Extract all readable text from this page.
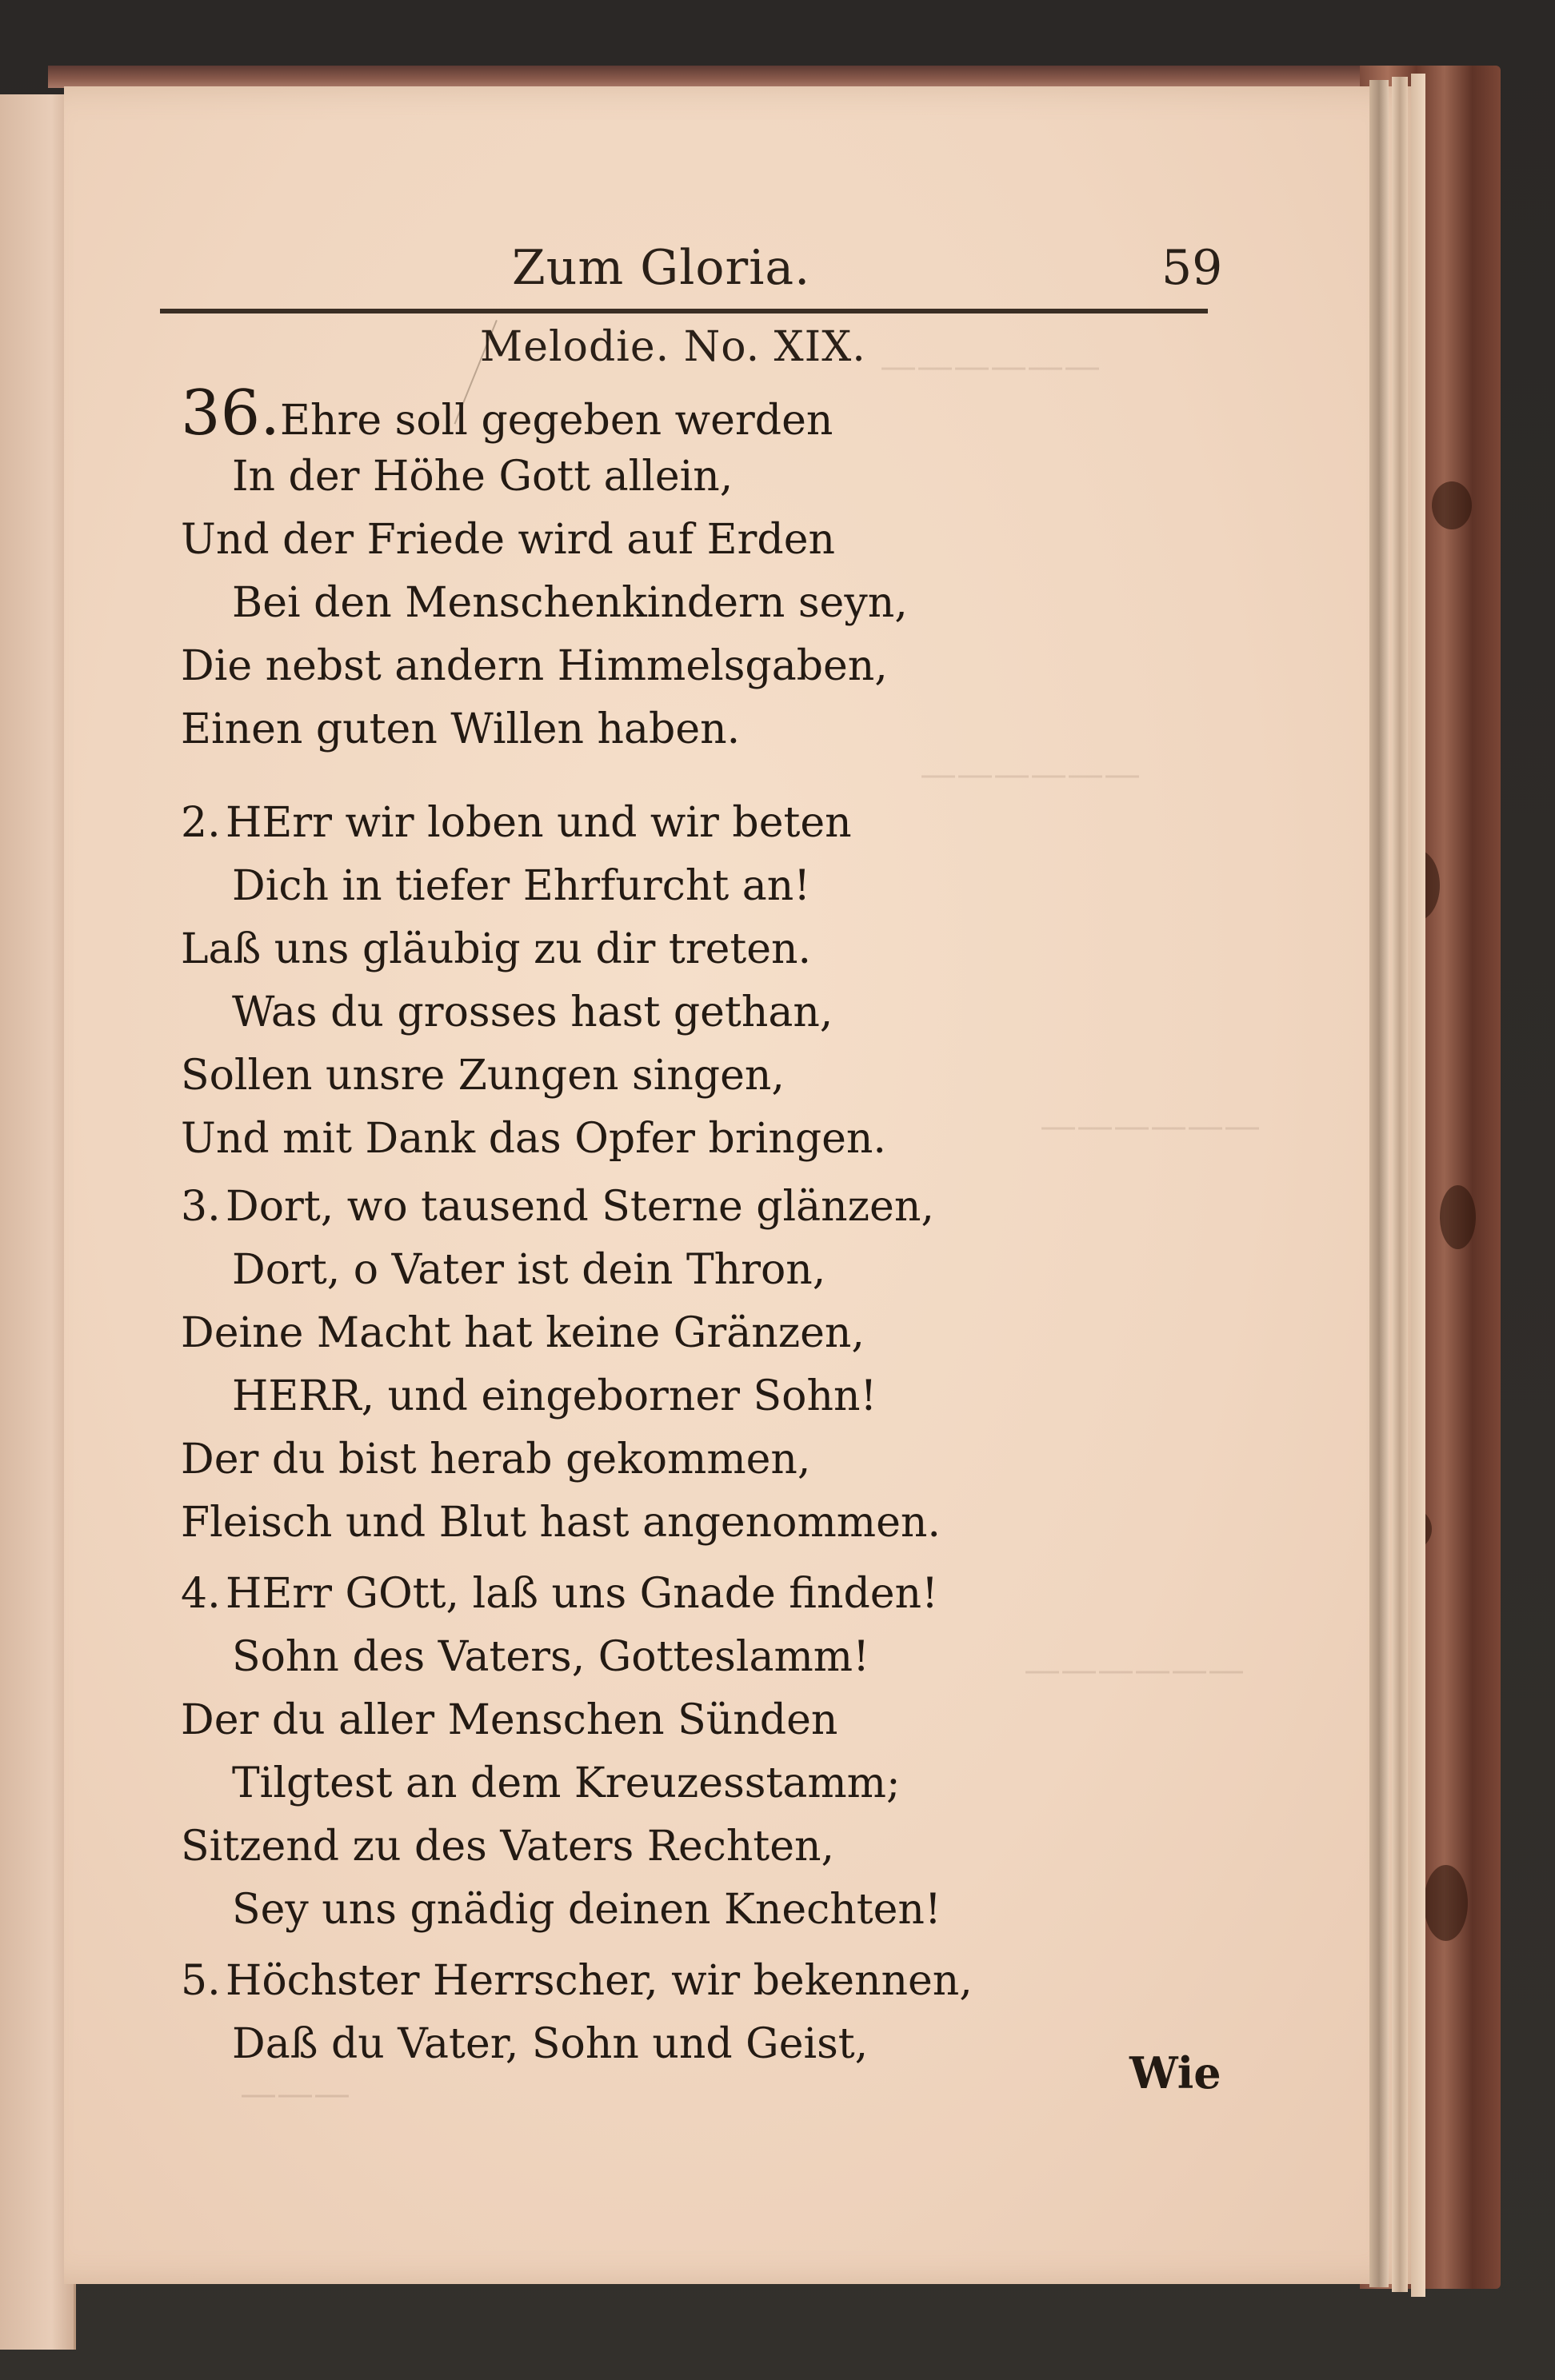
——————
——————
——————
——————
Zum Gloria.	59
Melodie. No. XIX.
36.Ehre soll gegeben werden
In der Höhe Gott allein,
Und der Friede wird auf Erden
Bei den Menschenkindern seyn,
Die nebst andern Himmelsgaben,
Einen guten Willen haben.
2. HErr wir loben und wir beten
Dich in tiefer Ehrfurcht an!
Laß uns gläubig zu dir treten.
Was du grosses hast gethan,
Sollen unsre Zungen singen,
Und mit Dank das Opfer bringen.
3. Dort, wo tausend Sterne glänzen,
Dort, o Vater ist dein Thron,
Deine Macht hat keine Gränzen,
HERR, und eingeborner Sohn!
Der du bist herab gekommen,
Fleisch und Blut hast angenommen.
4. HErr GOtt, laß uns Gnade finden!
Sohn des Vaters, Gotteslamm!
Der du aller Menschen Sünden
Tilgtest an dem Kreuzesstamm;
Sitzend zu des Vaters Rechten,
Sey uns gnädig deinen Knechten!
5. Höchster Herrscher, wir bekennen,
Daß du Vater, Sohn und Geist,
———	Wie
